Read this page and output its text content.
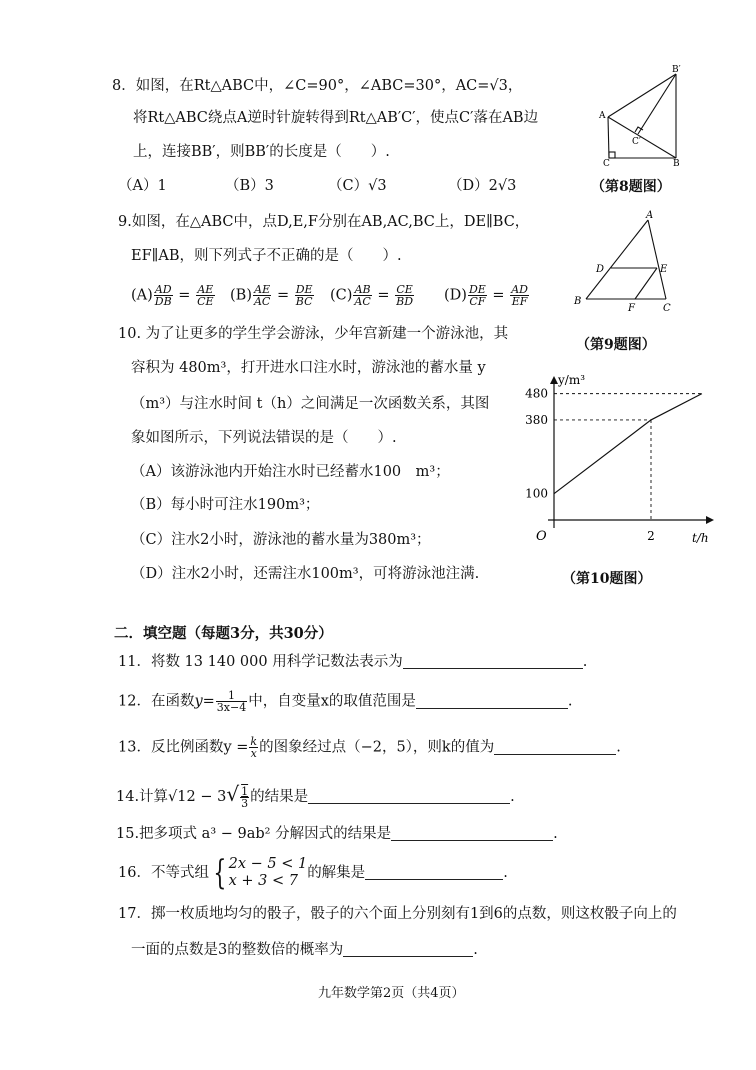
8．如图，在Rt△ABC中，∠C=90°，∠ABC=30°，AC=√3，
将Rt△ABC绕点A逆时针旋转得到Rt△AB′C′，使点C′落在AB边
上，连接BB′，则BB′的长度是（　　）.
（A）1	（B）3	（C）√3	（D）2√3
B′
A
C′
C	B
（第8题图）
9.如图，在△ABC中，点D,E,F分别在AB,AC,BC上，DE∥BC，
EF∥AB，则下列式子不正确的是（　　）.
$(A) \frac{AD}{DB} = \frac{AE}{CE} (B) \frac{AE}{AC} = \frac{DE}{BC} (C) \frac{AB}{AC} = \frac{CE}{BD} (D) \frac{DE}{CF} = \frac{AD}{EF}$
A
D	E
B
F	C
（第9题图）
10. 为了让更多的学生学会游泳，少年宫新建一个游泳池，其
容积为 480m³，打开进水口注水时，游泳池的蓄水量 y
（m³）与注水时间 t（h）之间满足一次函数关系，其图
象如图所示，下列说法错误的是（　　）.
（A）该游泳池内开始注水时已经蓄水100　m³；
（B）每小时可注水190m³；
（C）注水2小时，游泳池的蓄水量为380m³；
（D）注水2小时，还需注水100m³，可将游泳池注满.
y/m³
t/h
O
100
380
480
2
（第10题图）
二．填空题（每题3分，共30分）
11．将数 13 140 000 用科学记数法表示为	.
12．在函数$y= \frac{1}{3x-4}$ 中，自变量x的取值范围是	.
13．反比例函数$y = \frac{k}{x}$ 的图象经过点（−2，5），则k的值为	.
14.计算$√12 - 3√ \frac{1}{3}$ 的结果是	.
15.把多项式 a³ − 9ab² 分解因式的结果是	.
16．不等式组 { 2x − 5 < 1
x + 3 < 7 的解集是	.
17．掷一枚质地均匀的骰子，骰子的六个面上分别刻有1到6的点数，则这枚骰子向上的
一面的点数是3的整数倍的概率为	.
九年数学第2页（共4页）
